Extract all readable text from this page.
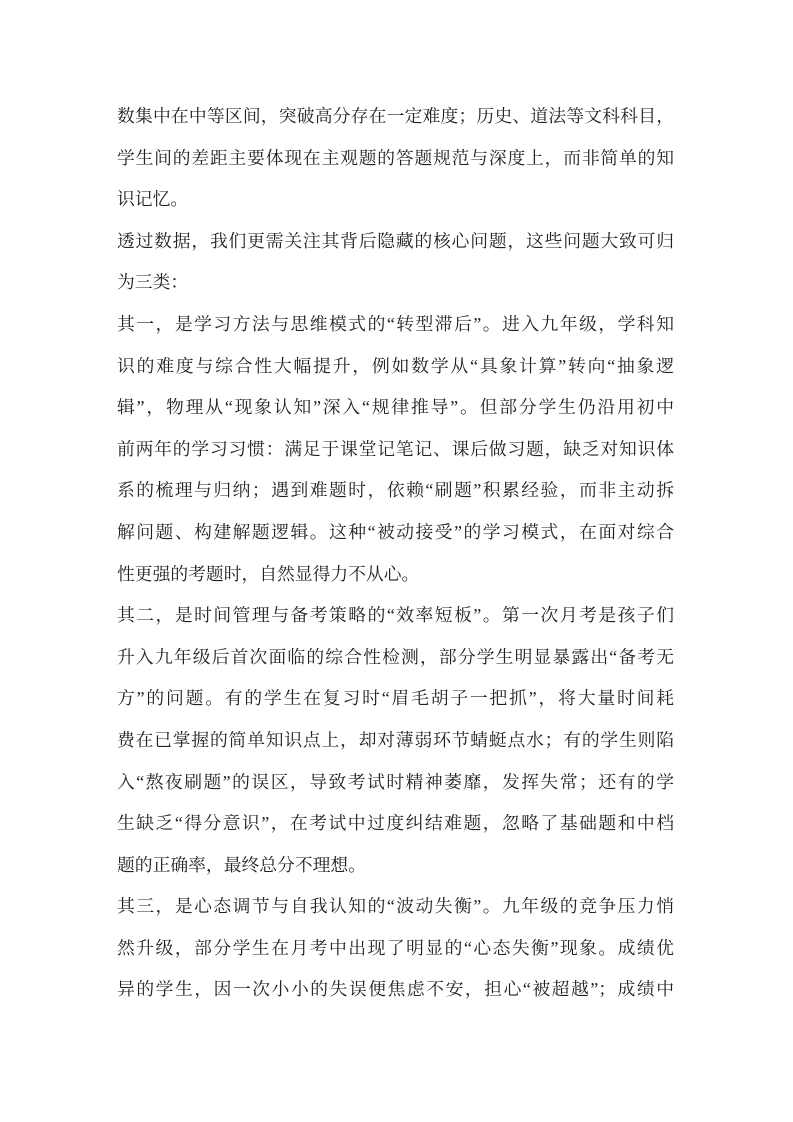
数集中在中等区间，突破高分存在一定难度；历史、道法等文科科目，
学生间的差距主要体现在主观题的答题规范与深度上，而非简单的知
识记忆。
透过数据，我们更需关注其背后隐藏的核心问题，这些问题大致可归
为三类：
其一，是学习方法与思维模式的“转型滞后”。进入九年级，学科知
识的难度与综合性大幅提升，例如数学从“具象计算”转向“抽象逻
辑”，物理从“现象认知”深入“规律推导”。但部分学生仍沿用初中
前两年的学习习惯：满足于课堂记笔记、课后做习题，缺乏对知识体
系的梳理与归纳；遇到难题时，依赖“刷题”积累经验，而非主动拆
解问题、构建解题逻辑。这种“被动接受”的学习模式，在面对综合
性更强的考题时，自然显得力不从心。
其二，是时间管理与备考策略的“效率短板”。第一次月考是孩子们
升入九年级后首次面临的综合性检测，部分学生明显暴露出“备考无
方”的问题。有的学生在复习时“眉毛胡子一把抓”，将大量时间耗
费在已掌握的简单知识点上，却对薄弱环节蜻蜓点水；有的学生则陷
入“熬夜刷题”的误区，导致考试时精神萎靡，发挥失常；还有的学
生缺乏“得分意识”，在考试中过度纠结难题，忽略了基础题和中档
题的正确率，最终总分不理想。
其三，是心态调节与自我认知的“波动失衡”。九年级的竞争压力悄
然升级，部分学生在月考中出现了明显的“心态失衡”现象。成绩优
异的学生，因一次小小的失误便焦虑不安，担心“被超越”；成绩中
